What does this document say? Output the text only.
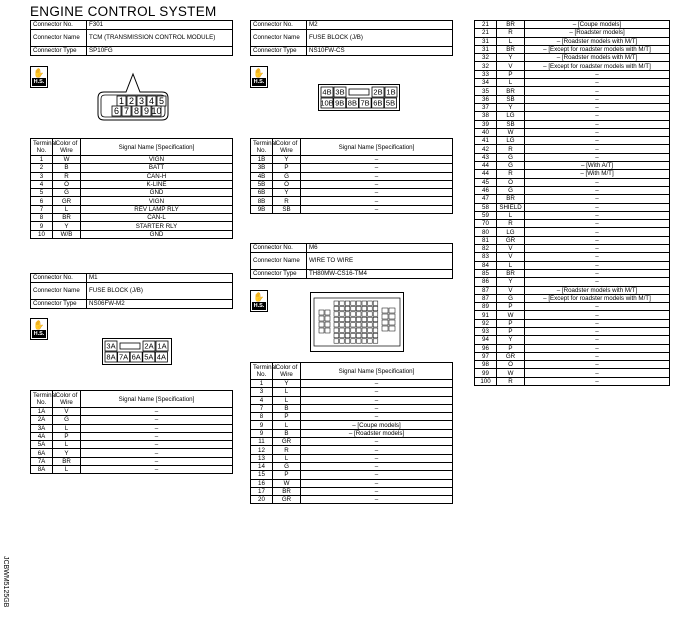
ENGINE CONTROL SYSTEM
Connector No.	F301
Connector Name	TCM (TRANSMISSION CONTROL MODULE)
Connector Type	SP10FG
✋
H.S.
1 2 3 4 5
6 7 8 9 10
Terminal No.	Color of Wire	Signal Name [Specification]
1	W	VIGN
2	B	BATT
3	R	CAN-H
4	O	K-LINE
5	G	GND
6	GR	VIGN
7	L	REV LAMP RLY
8	BR	CAN-L
9	Y	STARTER RLY
10	W/B	GND
Connector No.	M1
Connector Name	FUSE BLOCK (J/B)
Connector Type	NS06FW-M2
✋
H.S.
3A	2A 1A
8A 7A 6A 5A 4A
Terminal No.	Color of Wire	Signal Name [Specification]
1A	V	–
2A	G	–
3A	L	–
4A	P	–
5A	L	–
6A	Y	–
7A	BR	–
8A	L	–
Connector No.	M2
Connector Name	FUSE BLOCK (J/B)
Connector Type	NS10FW-CS
✋
H.S.
4B 3B	2B 1B
10B 9B 8B 7B 6B 5B
Terminal No.	Color of Wire	Signal Name [Specification]
1B	Y	–
3B	P	–
4B	G	–
5B	O	–
6B	Y	–
8B	R	–
9B	SB	–
Connector No.	M6
Connector Name	WIRE TO WIRE
Connector Type	TH80MW-CS16-TM4
✋
H.S.
Terminal No.	Color of Wire	Signal Name [Specification]
1	Y	–
3	L	–
4	L	–
7	B	–
8	P	–
9	L	– [Coupe models]
9	B	– [Roadster models]
11	GR	–
12	R	–
13	L	–
14	G	–
15	P	–
16	W	–
17	BR	–
20	GR	–
21	BR	– [Coupe models]
21	R	– [Roadster models]
31	L	– [Roadster models with M/T]
31	BR	– [Except for roadster models with M/T]
32	Y	– [Roadster models with M/T]
32	V	– [Except for roadster models with M/T]
33	P	–
34	L	–
35	BR	–
36	SB	–
37	Y	–
38	LG	–
39	SB	–
40	W	–
41	LG	–
42	R	–
43	G	–
44	G	– [With A/T]
44	R	– [With M/T]
45	O	–
46	G	–
47	BR	–
58	SHIELD	–
59	L	–
70	R	–
80	LG	–
81	GR	–
82	V	–
83	V	–
84	L	–
85	BR	–
86	Y	–
87	V	– [Roadster models with M/T]
87	G	– [Except for roadster models with M/T]
89	P	–
91	W	–
92	P	–
93	P	–
94	Y	–
96	P	–
97	GR	–
98	O	–
99	W	–
100	R	–
JCBWM5125GB
